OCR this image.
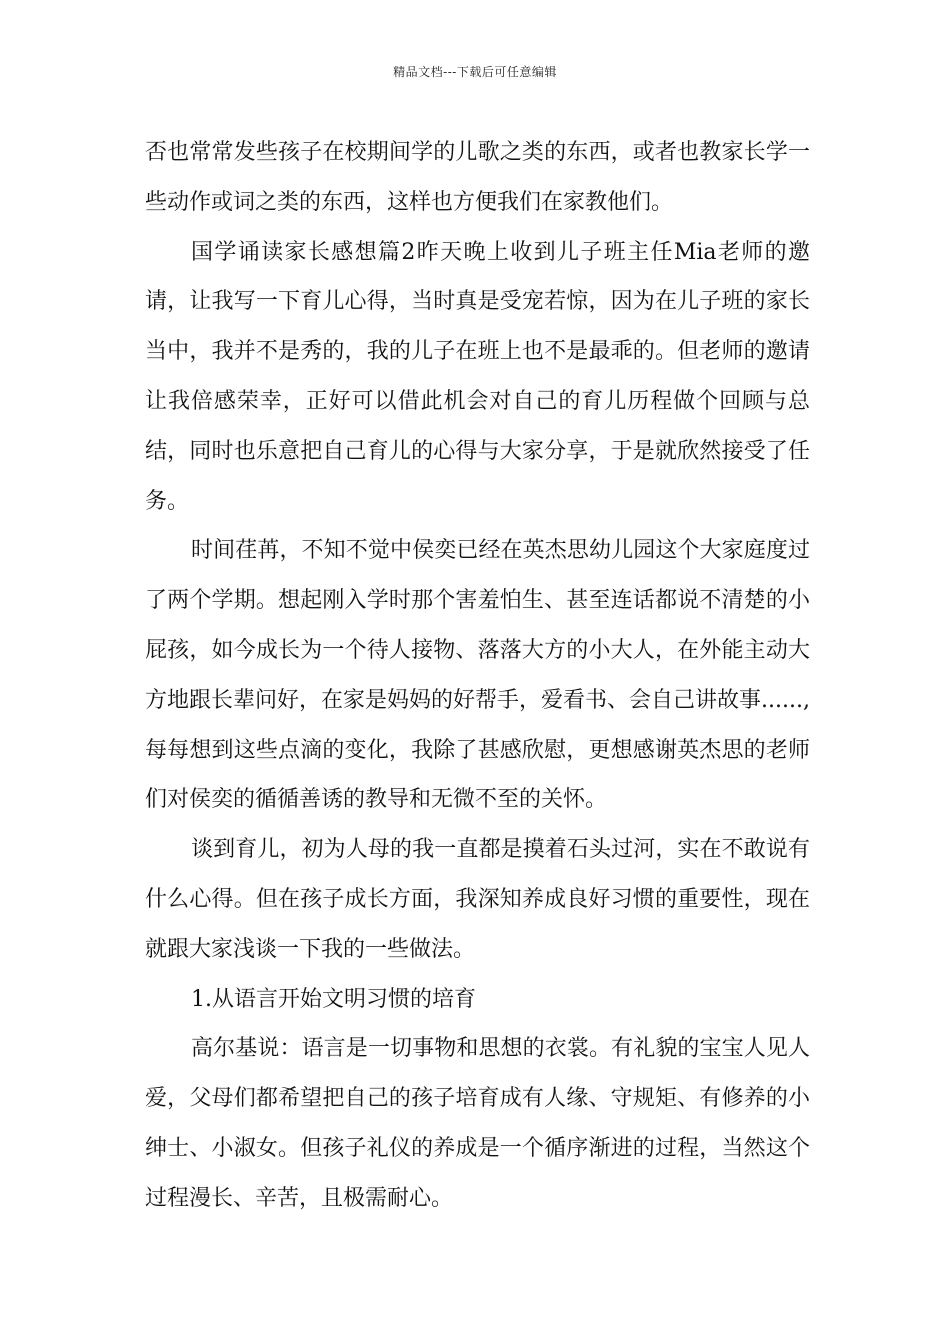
精品文档---下载后可任意编辑

否也常常发些孩子在校期间学的儿歌之类的东西，或者也教家长学一些动作或词之类的东西，这样也方便我们在家教他们。

国学诵读家长感想篇2昨天晚上收到儿子班主任Mia老师的邀请，让我写一下育儿心得，当时真是受宠若惊，因为在儿子班的家长当中，我并不是秀的，我的儿子在班上也不是最乖的。但老师的邀请让我倍感荣幸，正好可以借此机会对自己的育儿历程做个回顾与总结，同时也乐意把自己育儿的心得与大家分享，于是就欣然接受了任务。

时间荏苒，不知不觉中侯奕已经在英杰思幼儿园这个大家庭度过了两个学期。想起刚入学时那个害羞怕生、甚至连话都说不清楚的小屁孩，如今成长为一个待人接物、落落大方的小大人，在外能主动大方地跟长辈问好，在家是妈妈的好帮手，爱看书、会自己讲故事......,每每想到这些点滴的变化，我除了甚感欣慰，更想感谢英杰思的老师们对侯奕的循循善诱的教导和无微不至的关怀。

谈到育儿，初为人母的我一直都是摸着石头过河，实在不敢说有什么心得。但在孩子成长方面，我深知养成良好习惯的重要性，现在就跟大家浅谈一下我的一些做法。

1.从语言开始文明习惯的培育

高尔基说：语言是一切事物和思想的衣裳。有礼貌的宝宝人见人爱，父母们都希望把自己的孩子培育成有人缘、守规矩、有修养的小绅士、小淑女。但孩子礼仪的养成是一个循序渐进的过程，当然这个过程漫长、辛苦，且极需耐心。
